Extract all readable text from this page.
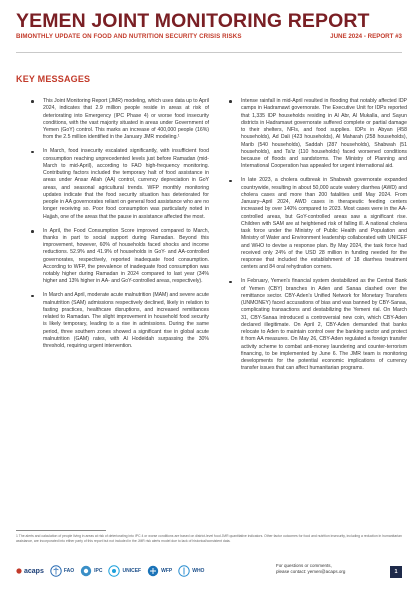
YEMEN JOINT MONITORING REPORT
BIMONTHLY UPDATE ON FOOD AND NUTRITION SECURITY CRISIS RISKS	JUNE 2024 - REPORT #3
KEY MESSAGES

This Joint Monitoring Report (JMR) modeling, which uses data up to April 2024, indicates that 2.9 million people reside in areas at risk of deteriorating into Emergency (IPC Phase 4) or worse food insecurity conditions, with the vast majority situated in areas under Government of Yemen (GoY) control. This marks an increase of 400,000 people (16%) from the 2.5 million identified in the January JMR modeling.¹

In March, food insecurity escalated significantly, with insufficient food consumption reaching unprecedented levels just before Ramadan (mid-March to mid-April), according to FAO high-frequency monitoring. Contributing factors included the temporary halt of food assistance in areas under Ansar Allah (AA) control, currency depreciation in GoY areas, and seasonal agricultural trends. WFP monthly monitoring updates indicate that the food security situation has deteriorated for people in AA governorates reliant on general food assistance who are no longer receiving so. Poor food consumption was particularly noted in Hajjah, one of the areas that the pause in assistance affected the most.

In April, the Food Consumption Score improved compared to March, thanks in part to social support during Ramadan. Beyond this improvement, however, 60% of households faced shocks and income reductions. 52.9% and 41.9% of households in GoY- and AA-controlled governorates, respectively, reported inadequate food consumption. According to WFP, the prevalence of inadequate food consumption was notably higher during Ramadan in 2024 compared to last year (34% higher and 13% higher in AA- and GoY-controlled areas, respectively).

In March and April, moderate acute malnutrition (MAM) and severe acute malnutrition (SAM) admissions respectively declined, likely in relation to fasting practices, healthcare disruptions, and increased remittances related to Ramadan. The slight improvement in household food security is likely temporary, leading to a rise in admissions. During the same period, three southern zones showed a significant rise in global acute malnutrition (GAM) rates, with Al Hodeidah surpassing the 30% threshold, requiring urgent intervention.

Intense rainfall in mid-April resulted in flooding that notably affected IDP camps in Hadramawt governorate. The Executive Unit for IDPs reported that 1,335 IDP households residing in Al Abr, Al Mukalla, and Sayun districts in Hadramawt governorate suffered complete or partial damage to their shelters, NFIs, and food supplies. IDPs in Abyan (458 households), Ad Dali (423 households), Al Maharah (258 households), Marib (540 households), Saddah (287 households), Shabwah (51 households), and Ta'iz (110 households) faced worsened conditions because of floods and sandstorms. The Ministry of Planning and International Cooperation has appealed for urgent international aid.

In late 2023, a cholera outbreak in Shabwah governorate expanded countrywide, resulting in about 50,000 acute watery diarrhea (AWD) and cholera cases and more than 200 fatalities until May 2024. From January–April 2024, AWD cases in therapeutic feeding centers increased by over 140% compared to 2023. Most cases were in the AA-controlled areas, but GoY-controlled areas saw a significant rise. Children with SAM are at heightened risk of falling ill. A national cholera task force under the Ministry of Public Health and Population and Ministry of Water and Environment leadership collaborated with UNICEF and WHO to devise a response plan. By May 2024, the task force had received only 24% of the USD 28 million in funding needed for the response that included the establishment of 18 diarrhea treatment centers and 84 oral rehydration corners.

In February, Yemen's financial system destabilized as the Central Bank of Yemen (CBY) branches in Aden and Sanaa clashed over the remittance sector. CBY-Aden's Unified Network for Monetary Transfers (UNMONEY) faced accusations of bias and was banned by CBY-Sanaa, complicating transactions and destabilizing the Yemeni rial. On March 31, CBY-Sanaa introduced a controversial new coin, which CBY-Aden declared illegitimate. On April 2, CBY-Aden demanded that banks relocate to Aden to maintain control over the banking sector and protect it from AA measures. On May 26, CBY-Aden regulated a foreign transfer activity scheme to combat anti-money laundering and counter-terrorism financing, to be implemented by June 6. The JMR team is monitoring developments for the potential economic implications of currency transfer issues that can affect humanitarian programs.

1 The alerts and calculation of people living in areas at risk of deteriorating into IPC 4 or worse conditions are based on district-level food JMR quantitative indicators. Other factor outcomes for food and nutrition insecurity, including a reduction in humanitarian assistance, are incorporated into either party of this report but not included in the JMR risk alerts model due to lack of historical/consistent data.
acaps	FAO	IPC	UNICEF	WFP	WHO
For questions or comments,
please contact: yemen@acaps.org	1
